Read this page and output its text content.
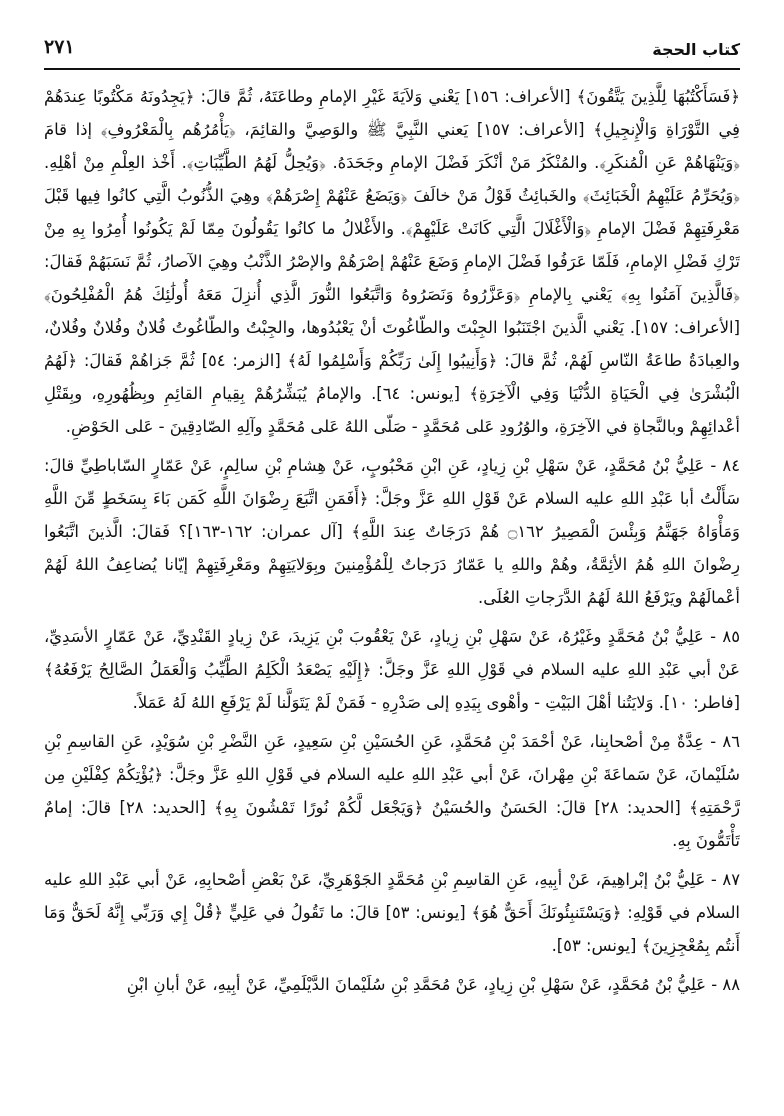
كتاب الحجة
٢٧١

﴿فَسَأَكْتُبُهَا لِلَّذِينَ يَتَّقُونَ﴾ [الأعراف: ١٥٦] يَعْني وَلاَيَةَ غَيْرِ الإمامِ وطاعَتَهُ، ثُمَّ قالَ: ﴿يَجِدُونَهُ مَكْتُوبًا عِندَهُمْ فِي التَّوْرَاةِ وَالْإِنجِيلِ﴾ [الأعراف: ١٥٧] يَعني النَّبِيَّ ﷺ والوَصِيَّ والقائِمَ، ﴿يَأْمُرُهُم بِالْمَعْرُوفِ﴾ إذا قامَ ﴿وَيَنْهَاهُمْ عَنِ الْمُنكَرِ﴾. والمُنْكَرُ مَنْ أنْكَرَ فَضْلَ الإمامِ وجَحَدَهُ. ﴿وَيُحِلُّ لَهُمُ الطَّيِّبَاتِ﴾. أَخْذ العِلْمِ مِنْ أهْلِهِ. ﴿وَيُحَرِّمُ عَلَيْهِمُ الْخَبَائِثَ﴾ والخَبائِثُ قَوْلُ مَنْ خالَفَ ﴿وَيَضَعُ عَنْهُمْ إِصْرَهُمْ﴾ وهِيَ الذُّنُوبُ الَّتِي كانُوا فِيها قَبْلَ مَعْرِفَتِهِمْ فَضْلَ الإمامِ ﴿وَالْأَغْلَالَ الَّتِي كَانَتْ عَلَيْهِمْ﴾. والأَغْلالُ ما كانُوا يَقُولُونَ مِمّا لَمْ يَكُونُوا أُمِرُوا بِهِ مِنْ تَرْكِ فَضْلِ الإمامِ، فَلَمّا عَرَفُوا فَضْلَ الإمامِ وَضَعَ عَنْهُمْ إصْرَهُمْ والإصْرُ الذَّنْبُ وهِيَ الآصارُ، ثُمَّ نَسَبَهُمْ فَقالَ: ﴿فَالَّذِينَ آمَنُوا بِهِ﴾ يَعْني بِالإمامِ ﴿وَعَزَّرُوهُ وَنَصَرُوهُ وَاتَّبَعُوا النُّورَ الَّذِي أُنزِلَ مَعَهُ أُولَٰئِكَ هُمُ الْمُفْلِحُونَ﴾ [الأعراف: ١٥٧]. يَعْني الَّذينَ اجْتَنَبُوا الجِبْتَ والطّاغُوتَ أنْ يَعْبُدُوها، والجِبْتُ والطّاغُوتُ فُلانٌ وفُلانٌ وفُلانٌ، والعِبادَةُ طاعَةُ النّاسِ لَهُمْ، ثُمَّ قالَ: ﴿وَأَنِيبُوا إِلَىٰ رَبِّكُمْ وَأَسْلِمُوا لَهُ﴾ [الزمر: ٥٤] ثُمَّ جَزاهُمْ فَقالَ: ﴿لَهُمُ الْبُشْرَىٰ فِي الْحَيَاةِ الدُّنْيَا وَفِي الْآخِرَةِ﴾ [يونس: ٦٤]. والإمامُ يُبَشِّرُهُمْ بِقِيامِ القائِمِ وبِظُهُورِهِ، وبِقَتْلِ أعْدائِهِمْ وبالنَّجاةِ في الآخِرَةِ، والوُرُودِ عَلى مُحَمَّدٍ - صَلّى اللهُ عَلى مُحَمَّدٍ وآلِهِ الصّادِقِينَ - عَلى الحَوْضِ.

٨٤ - عَلِيُّ بْنُ مُحَمَّدٍ، عَنْ سَهْلِ بْنِ زِيادٍ، عَنِ ابْنِ مَحْبُوبٍ، عَنْ هِشامِ بْنِ سالِمٍ، عَنْ عَمّارٍ السّاباطِيِّ قالَ: سَأَلْتُ أبا عَبْدِ اللهِ عليه السلام عَنْ قَوْلِ اللهِ عَزَّ وجَلَّ: ﴿أَفَمَنِ اتَّبَعَ رِضْوَانَ اللَّهِ كَمَن بَاءَ بِسَخَطٍ مِّنَ اللَّهِ وَمَأْوَاهُ جَهَنَّمُ وَبِئْسَ الْمَصِيرُ ۝١٦٢ هُمْ دَرَجَاتٌ عِندَ اللَّهِ﴾ [آل عمران: ١٦٢-١٦٣]؟ فَقالَ: الَّذينَ اتَّبَعُوا رِضْوانَ اللهِ هُمُ الأئِمَّةُ، وهُمْ واللهِ يا عَمّارُ دَرَجاتٌ لِلْمُؤْمِنينَ وبِوَلايَتِهِمْ ومَعْرِفَتِهِمْ إيّانا يُضاعِفُ اللهُ لَهُمْ أعْمالَهُمْ ويَرْفَعُ اللهُ لَهُمُ الدَّرَجاتِ العُلَى.

٨٥ - عَلِيُّ بْنُ مُحَمَّدٍ وغَيْرُهُ، عَنْ سَهْلِ بْنِ زِيادٍ، عَنْ يَعْقُوبَ بْنِ يَزِيدَ، عَنْ زِيادٍ القَنْدِيِّ، عَنْ عَمّارٍ الأسَدِيِّ، عَنْ أبي عَبْدِ اللهِ عليه السلام في قَوْلِ اللهِ عَزَّ وجَلَّ: ﴿إِلَيْهِ يَصْعَدُ الْكَلِمُ الطَّيِّبُ وَالْعَمَلُ الصَّالِحُ يَرْفَعُهُ﴾ [فاطر: ١٠]. وَلايَتُنا أهْلَ البَيْتِ - وأهْوى بِيَدِهِ إلى صَدْرِهِ - فَمَنْ لَمْ يَتَوَلَّنا لَمْ يَرْفَعِ اللهُ لَهُ عَمَلاً.

٨٦ - عِدَّةٌ مِنْ أصْحابِنا، عَنْ أحْمَدَ بْنِ مُحَمَّدٍ، عَنِ الحُسَيْنِ بْنِ سَعِيدٍ، عَنِ النَّضْرِ بْنِ سُوَيْدٍ، عَنِ القاسِمِ بْنِ سُلَيْمانَ، عَنْ سَماعَةَ بْنِ مِهْرانَ، عَنْ أبي عَبْدِ اللهِ عليه السلام في قَوْلِ اللهِ عَزَّ وجَلَّ: ﴿يُؤْتِكُمْ كِفْلَيْنِ مِن رَّحْمَتِهِ﴾ [الحديد: ٢٨] قالَ: الحَسَنُ والحُسَيْنُ ﴿وَيَجْعَل لَّكُمْ نُورًا تَمْشُونَ بِهِ﴾ [الحديد: ٢٨] قالَ: إمامٌ تَأْتَمُّونَ بِهِ.

٨٧ - عَلِيُّ بْنُ إبْراهِيمَ، عَنْ أبِيهِ، عَنِ القاسِمِ بْنِ مُحَمَّدٍ الجَوْهَرِيِّ، عَنْ بَعْضِ أصْحابِهِ، عَنْ أبي عَبْدِ اللهِ عليه السلام في قَوْلِهِ: ﴿وَيَسْتَنبِئُونَكَ أَحَقٌّ هُوَ﴾ [يونس: ٥٣] قالَ: ما تَقُولُ في عَلِيٍّ ﴿قُلْ إِي وَرَبِّي إِنَّهُ لَحَقٌّ وَمَا أَنتُم بِمُعْجِزِينَ﴾ [يونس: ٥٣].

٨٨ - عَلِيُّ بْنُ مُحَمَّدٍ، عَنْ سَهْلِ بْنِ زِيادٍ، عَنْ مُحَمَّدِ بْنِ سُلَيْمانَ الدَّيْلَمِيِّ، عَنْ أبِيهِ، عَنْ أبانِ ابْنِ
